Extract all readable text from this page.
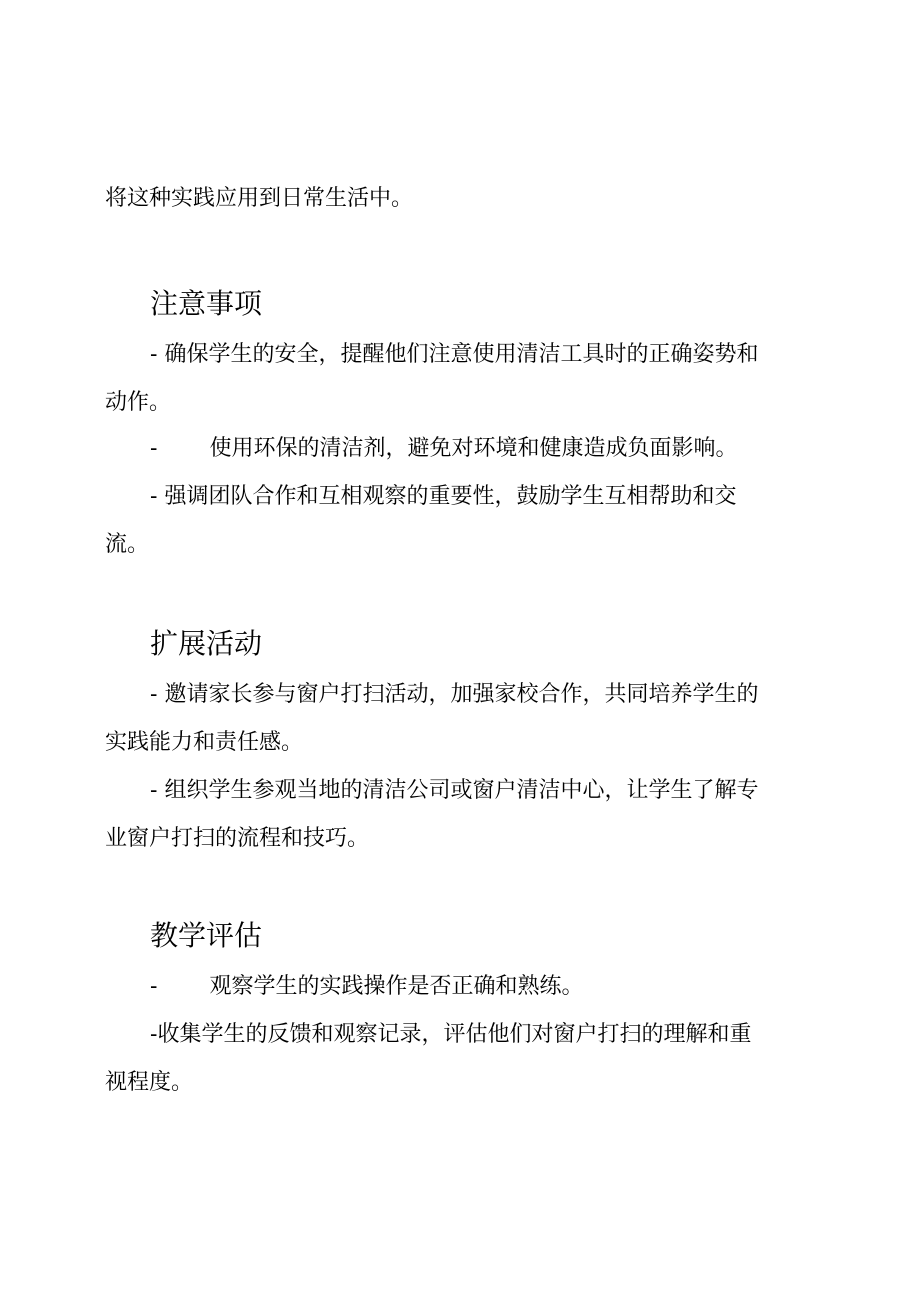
将这种实践应用到日常生活中。
注意事项
- 确保学生的安全，提醒他们注意使用清洁工具时的正确姿势和
动作。
- 使用环保的清洁剂，避免对环境和健康造成负面影响。
- 强调团队合作和互相观察的重要性，鼓励学生互相帮助和交
流。
扩展活动
- 邀请家长参与窗户打扫活动，加强家校合作，共同培养学生的
实践能力和责任感。
- 组织学生参观当地的清洁公司或窗户清洁中心，让学生了解专
业窗户打扫的流程和技巧。
教学评估
- 观察学生的实践操作是否正确和熟练。
-收集学生的反馈和观察记录，评估他们对窗户打扫的理解和重
视程度。
